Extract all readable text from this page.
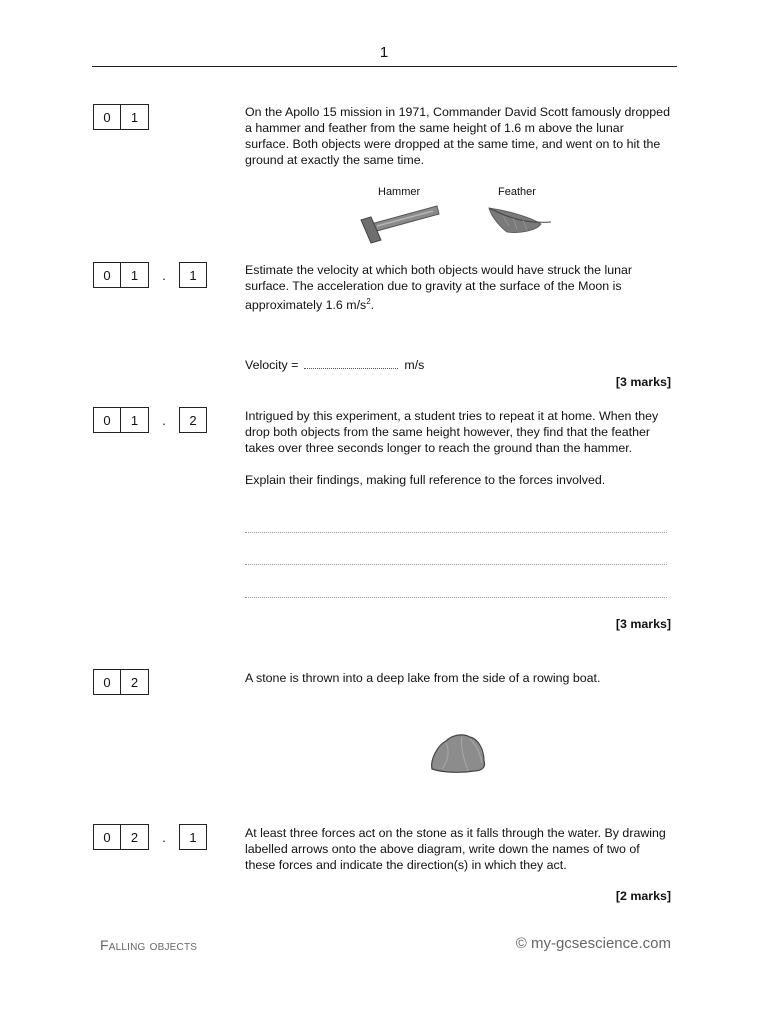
1
0	1	On the Apollo 15 mission in 1971, Commander David Scott famously dropped a hammer and feather from the same height of 1.6 m above the lunar surface. Both objects were dropped at the same time, and went on to hit the ground at exactly the same time.
Hammer	Feather
0	1	.	1	Estimate the velocity at which both objects would have struck the lunar surface. The acceleration due to gravity at the surface of the Moon is approximately 1.6 $m/s^2$.
Velocity =	m/s
[3 marks]
0	1	.	2	Intrigued by this experiment, a student tries to repeat it at home. When they drop both objects from the same height however, they find that the feather takes over three seconds longer to reach the ground than the hammer.

Explain their findings, making full reference to the forces involved.

[3 marks]
0	2	A stone is thrown into a deep lake from the side of a rowing boat.
0	2	.	1	At least three forces act on the stone as it falls through the water. By drawing labelled arrows onto the above diagram, write down the names of two of these forces and indicate the direction(s) in which they act.
[2 marks]
Falling objects	© my-gcsescience.com
